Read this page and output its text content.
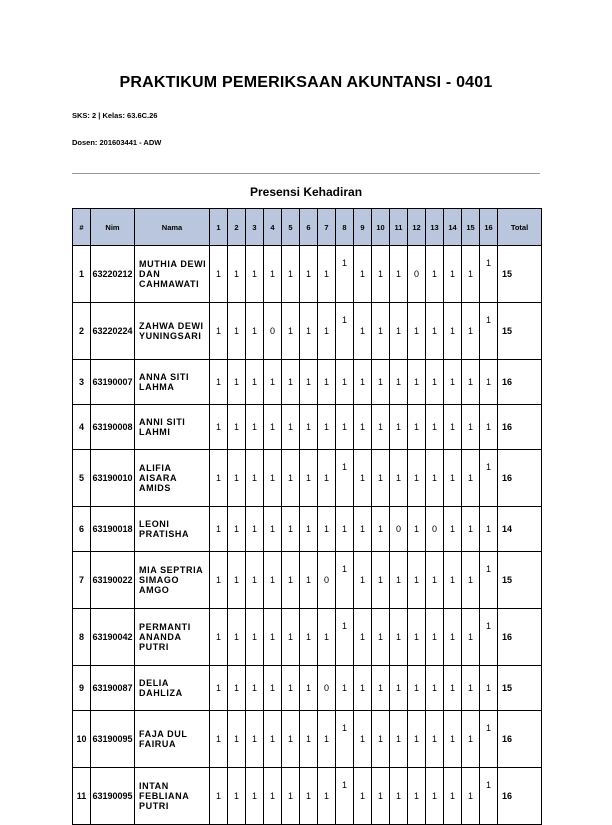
PRAKTIKUM PEMERIKSAAN AKUNTANSI - 0401
SKS: 2 | Kelas: 63.6C.26
Dosen: 201603441 - ADW
Presensi Kehadiran
#	Nim	Nama	1	2	3	4	5	6	7	8	9	10	11	12	13	14	15	16	Total
1	63220212	MUTHIA DEWI
DAN CAHMAWATI	1	1	1	1	1	1	1	1	1	1	1	0	1	1	1	1	15
2	63220224	ZAHWA DEWI
YUNINGSARI	1	1	1	0	1	1	1	1	1	1	1	1	1	1	1	1	15
3	63190007	ANNA SITI LAHMA	1	1	1	1	1	1	1	1	1	1	1	1	1	1	1	1	16
4	63190008	ANNI SITI LAHMI	1	1	1	1	1	1	1	1	1	1	1	1	1	1	1	1	16
5	63190010	ALIFIA AISARA
AMIDS	1	1	1	1	1	1	1	1	1	1	1	1	1	1	1	1	16
6	63190018	LEONI PRATISHA	1	1	1	1	1	1	1	1	1	1	0	1	0	1	1	1	14
7	63190022	MIA SEPTRIA
SIMAGO AMGO	1	1	1	1	1	1	0	1	1	1	1	1	1	1	1	1	15
8	63190042	PERMANTI
ANANDA PUTRI	1	1	1	1	1	1	1	1	1	1	1	1	1	1	1	1	16
9	63190087	DELIA DAHLIZA	1	1	1	1	1	1	0	1	1	1	1	1	1	1	1	1	15
10	63190095	FAJA DUL
FAIRUA	1	1	1	1	1	1	1	1	1	1	1	1	1	1	1	1	16
11	63190095	INTAN FEBLIANA
PUTRI	1	1	1	1	1	1	1	1	1	1	1	1	1	1	1	1	16
